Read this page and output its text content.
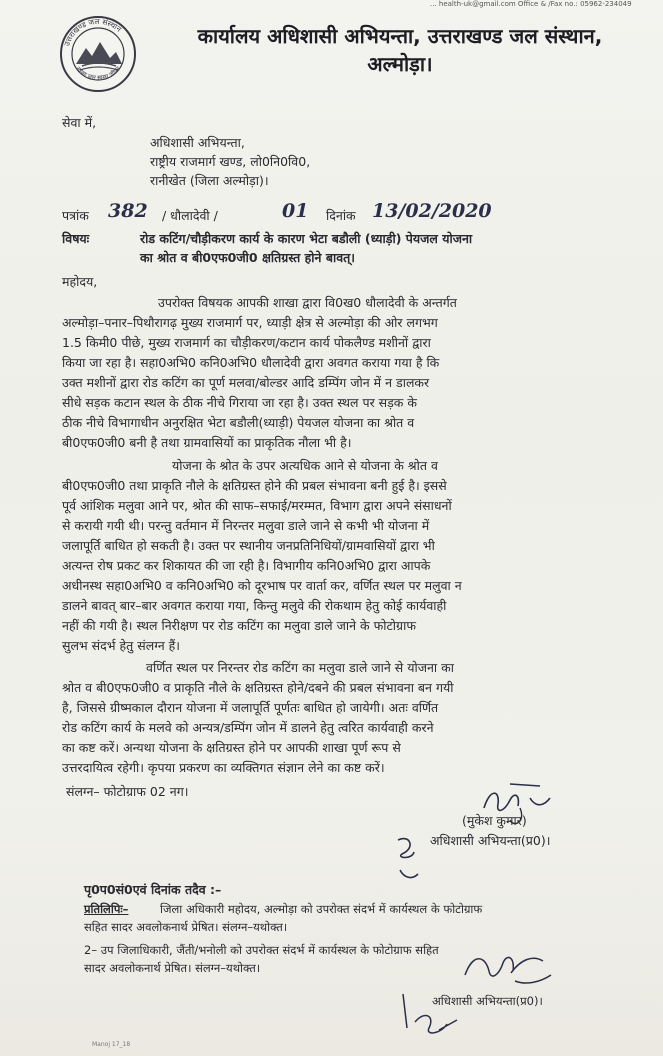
... health-uk@gmail.com Office & /Fax no.: 05962-234049
उत्तराखण्ड जल संस्थान
स्वच्छ जल स्वस्थ जीवन
कार्यालय अधिशासी अभियन्ता, उत्तराखण्ड जल संस्थान,
अल्मोड़ा।
सेवा में,
अधिशासी अभियन्ता,
राष्ट्रीय राजमार्ग खण्ड, लो0नि0वि0,
रानीखेत (जिला अल्मोड़ा)।
पत्रांक 382 / धौलादेवी /	01 दिनांक 13/02/2020
विषयः	रोड कटिंग/चौड़ीकरण कार्य के कारण भेटा बडौली (ध्याड़ी) पेयजल योजना
का श्रोत व बी0एफ0जी0 क्षतिग्रस्त होने बावत्।
महोदय,
उपरोक्त विषयक आपकी शाखा द्वारा वि0ख0 धौलादेवी के अन्तर्गत
अल्मोड़ा–पनार–पिथौरागढ़ मुख्य राजमार्ग पर, ध्याड़ी क्षेत्र से अल्मोड़ा की ओर लगभग
1.5 किमी0 पीछे, मुख्य राजमार्ग का चौड़ीकरण/कटान कार्य पोकलैण्ड मशीनों द्वारा
किया जा रहा है। सहा0अभि0 कनि0अभि0 धौलादेवी द्वारा अवगत कराया गया है कि
उक्त मशीनों द्वारा रोड कटिंग का पूर्ण मलवा/बोल्डर आदि डम्पिंग जोन में न डालकर
सीधे सड़क कटान स्थल के ठीक नीचे गिराया जा रहा है। उक्त स्थल पर सड़क के
ठीक नीचे विभागाधीन अनुरक्षित भेटा बडौली(ध्याड़ी) पेयजल योजना का श्रोत व
बी0एफ0जी0 बनी है तथा ग्रामवासियों का प्राकृतिक नौला भी है।
योजना के श्रोत के उपर अत्यधिक आने से योजना के श्रोत व
बी0एफ0जी0 तथा प्राकृति नौले के क्षतिग्रस्त होने की प्रबल संभावना बनी हुई है। इससे
पूर्व आंशिक मलुवा आने पर, श्रोत की साफ–सफाई/मरम्मत, विभाग द्वारा अपने संसाधनों
से करायी गयी थी। परन्तु वर्तमान में निरन्तर मलुवा डाले जाने से कभी भी योजना में
जलापूर्ति बाधित हो सकती है। उक्त पर स्थानीय जनप्रतिनिधियों/ग्रामवासियों द्वारा भी
अत्यन्त रोष प्रकट कर शिकायत की जा रही है। विभागीय कनि0अभि0 द्वारा आपके
अधीनस्थ सहा0अभि0 व कनि0अभि0 को दूरभाष पर वार्ता कर, वर्णित स्थल पर मलुवा न
डालने बावत् बार–बार अवगत कराया गया, किन्तु मलुवे की रोकथाम हेतु कोई कार्यवाही
नहीं की गयी है। स्थल निरीक्षण पर रोड कटिंग का मलुवा डाले जाने के फोटोग्राफ
सुलभ संदर्भ हेतु संलग्न हैं।
वर्णित स्थल पर निरन्तर रोड कटिंग का मलुवा डाले जाने से योजना का
श्रोत व बी0एफ0जी0 व प्राकृति नौले के क्षतिग्रस्त होने/दबने की प्रबल संभावना बन गयी
है, जिससे ग्रीष्मकाल दौरान योजना में जलापूर्ति पूर्णतः बाधित हो जायेगी। अतः वर्णित
रोड कटिंग कार्य के मलवे को अन्यत्र/डम्पिंग जोन में डालने हेतु त्वरित कार्यवाही करने
का कष्ट करें। अन्यथा योजना के क्षतिग्रस्त होने पर आपकी शाखा पूर्ण रूप से
उत्तरदायित्व रहेगी। कृपया प्रकरण का व्यक्तिगत संज्ञान लेने का कष्ट करें।
संलग्न– फोटोग्राफ 02 नग।
(मुकेश कुमार)
अधिशासी अभियन्ता(प्र0)।
पृ0प0सं0एवं दिनांक तदैव :–
प्रतिलिपिः–	जिला अधिकारी महोदय, अल्मोड़ा को उपरोक्त संदर्भ में कार्यस्थल के फोटोग्राफ
सहित सादर अवलोकनार्थ प्रेषित। संलग्न–यथोक्त।
2– उप जिलाधिकारी, जैंती/भनोली को उपरोक्त संदर्भ में कार्यस्थल के फोटोग्राफ सहित
सादर अवलोकनार्थ प्रेषित। संलग्न–यथोक्त।
अधिशासी अभियन्ता(प्र0)।
Manoj 17_18
